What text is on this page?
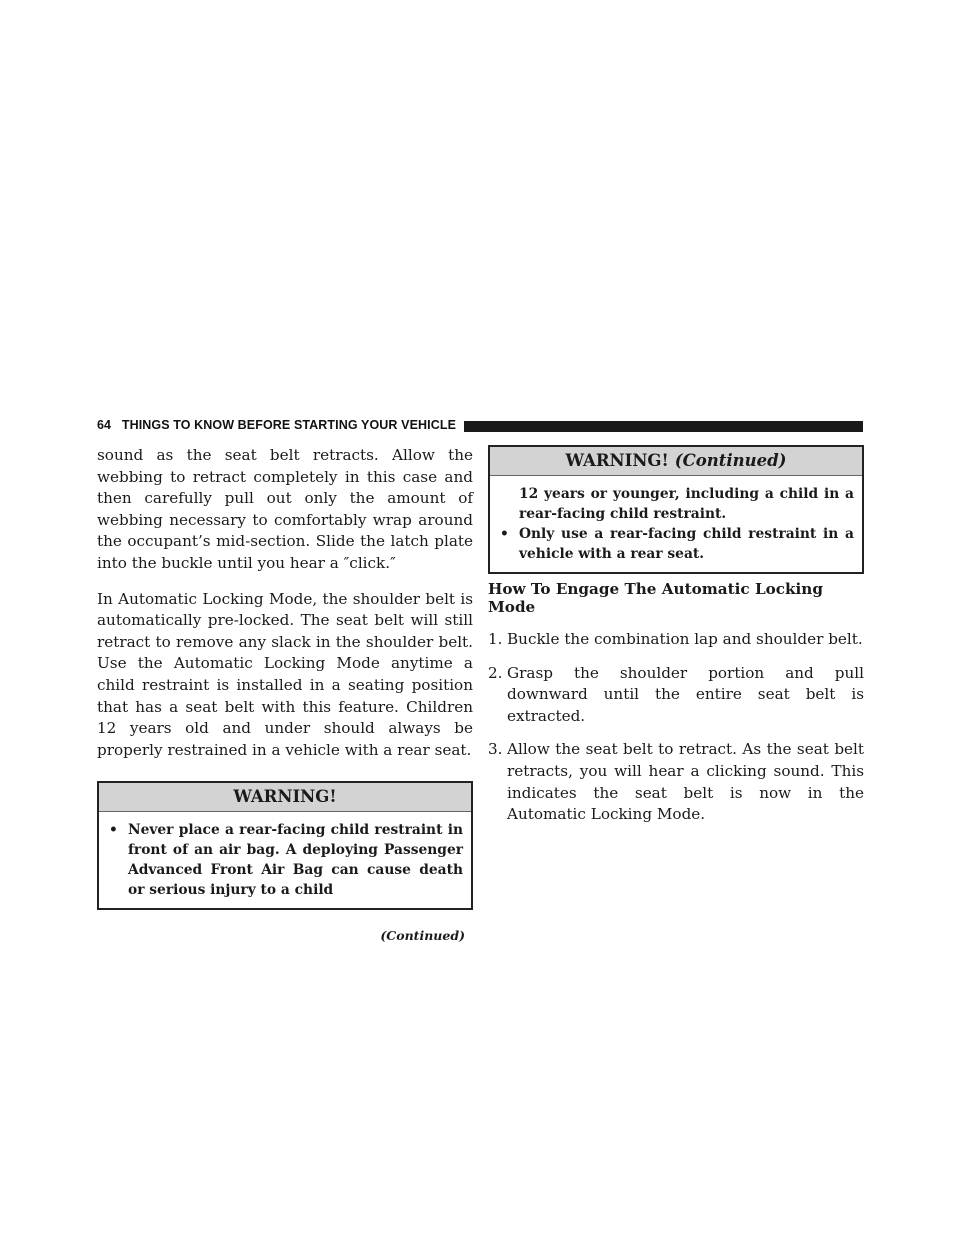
64 THINGS TO KNOW BEFORE STARTING YOUR VEHICLE

sound as the seat belt retracts. Allow the webbing to retract completely in this case and then carefully pull out only the amount of webbing necessary to comfortably wrap around the occupant’s mid-section. Slide the latch plate into the buckle until you hear a ″click.″

In Automatic Locking Mode, the shoulder belt is automatically pre-locked. The seat belt will still retract to remove any slack in the shoulder belt. Use the Automatic Locking Mode anytime a child restraint is installed in a seating position that has a seat belt with this feature. Children 12 years old and under should always be properly restrained in a vehicle with a rear seat.

WARNING!
• Never place a rear-facing child restraint in front of an air bag. A deploying Passenger Advanced Front Air Bag can cause death or serious injury to a child
(Continued)
WARNING! (Continued)
12 years or younger, including a child in a rear-facing child restraint.
• Only use a rear-facing child restraint in a vehicle with a rear seat.
How To Engage The Automatic Locking Mode
1. Buckle the combination lap and shoulder belt.
2. Grasp the shoulder portion and pull downward until the entire seat belt is extracted.
3. Allow the seat belt to retract. As the seat belt retracts, you will hear a clicking sound. This indicates the seat belt is now in the Automatic Locking Mode.
